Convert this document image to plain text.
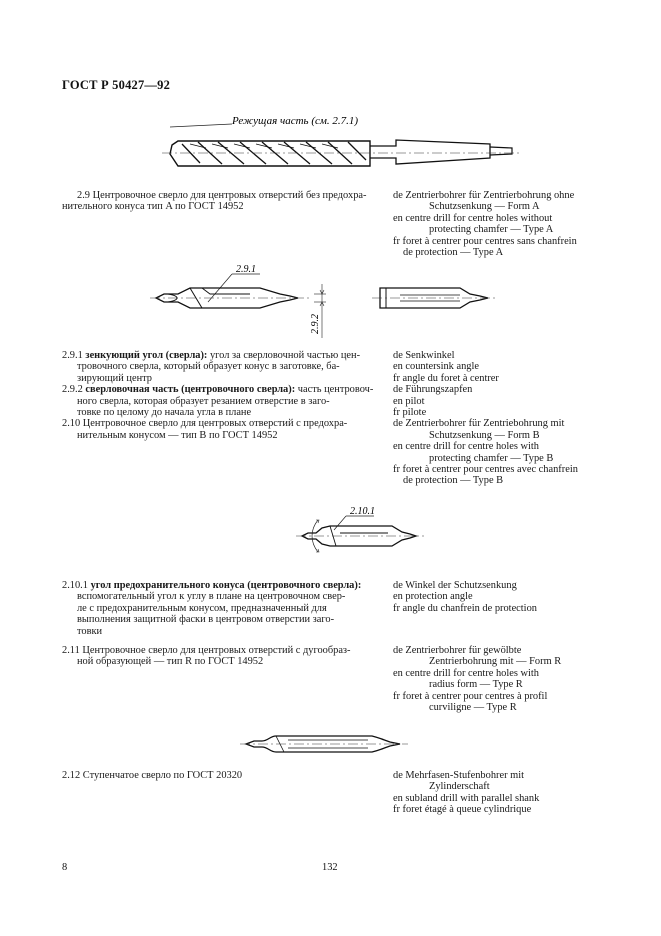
ГОСТ Р 50427—92
Режущая часть (см. 2.7.1)
2.9 Центровочное сверло для центровых отверстий без предохра-
нительного конуса тип A по ГОСТ 14952
de Zentrierbohrer für Zentrierbohrung ohne
Schutzsenkung — Form A
en centre drill for centre holes without
protecting chamfer — Type A
fr foret à centrer pour centres sans chanfrein
de protection — Type A
2.9.1
2.9.2
2.9.1 зенкующий угол (сверла): угол за сверловочной частью цен-
тровочного сверла, который образует конус в заготовке, ба-
зирующий центр
2.9.2 сверловочная часть (центровочного сверла): часть центровоч-
ного сверла, которая образует резанием отверстие в заго-
товке по целому до начала угла в плане
2.10 Центровочное сверло для центровых отверстий с предохра-
нительным конусом — тип B по ГОСТ 14952
de Senkwinkel
en countersink angle
fr angle du foret à centrer
de Führungszapfen
en pilot
fr pilote
de Zentrierbohrer für Zentriebohrung mit
Schutzsenkung — Form B
en centre drill for centre holes with
protecting chamfer — Type B
fr foret à centrer pour centres avec chanfrein
de protection — Type B
2.10.1
2.10.1 угол предохранительного конуса (центровочного сверла):
вспомогательный угол к углу в плане на центровочном свер-
ле с предохранительным конусом, предназначенный для
выполнения защитной фаски в центровом отверстии заго-
товки
de Winkel der Schutzsenkung
en protection angle
fr angle du chanfrein de protection
2.11 Центровочное сверло для центровых отверстий с дугообраз-
ной образующей — тип R по ГОСТ 14952
de Zentrierbohrer für gewölbte
Zentrierbohrung mit — Form R
en centre drill for centre holes with
radius form — Type R
fr foret à centrer pour centres à profil
curviligne — Type R
2.12 Ступенчатое сверло по ГОСТ 20320	de Mehrfasen-Stufenbohrer mit
Zylinderschaft
en subland drill with parallel shank
fr foret étagé à queue cylindrique
8	132
